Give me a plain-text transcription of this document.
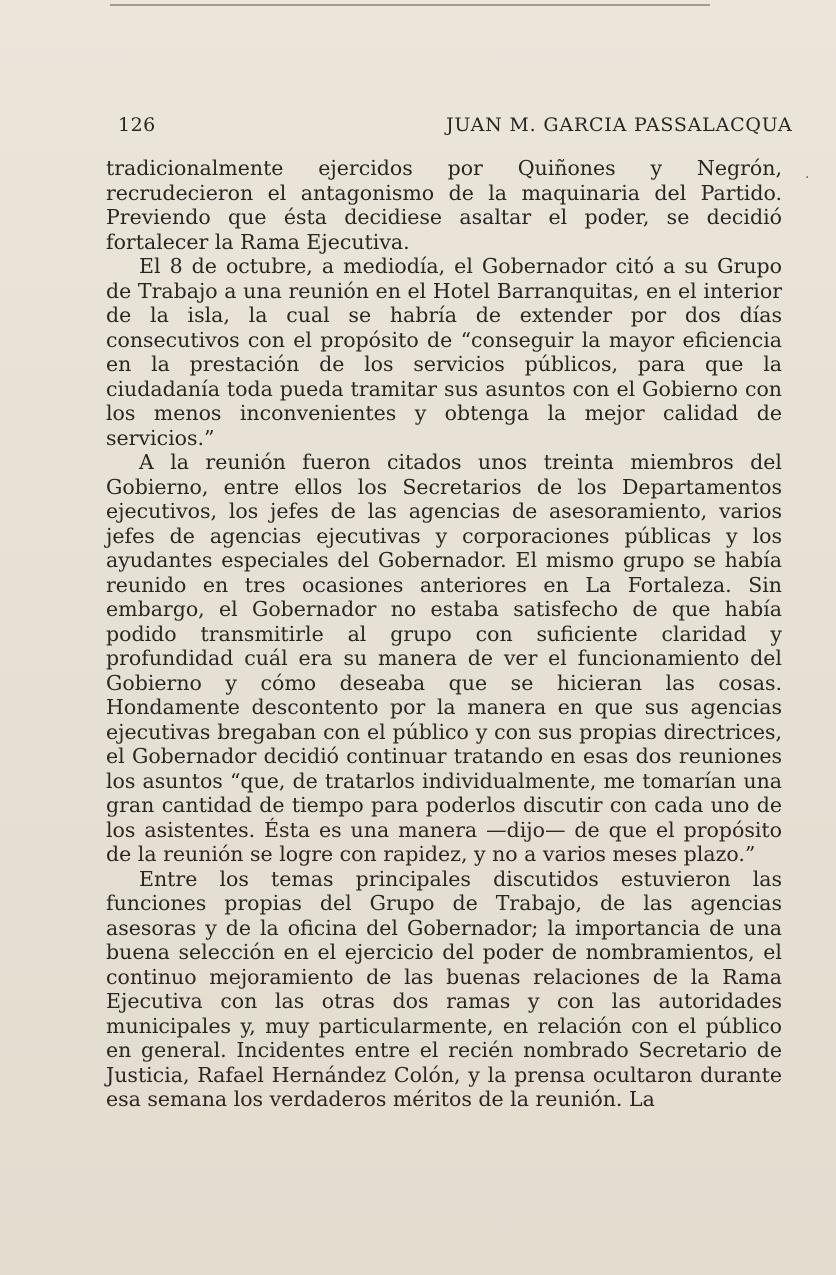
126	JUAN M. GARCIA PASSALACQUA
·

tradicionalmente ejercidos por Quiñones y Negrón, recrudecieron el antagonismo de la maquinaria del Partido. Previendo que ésta decidiese asaltar el poder, se decidió fortalecer la Rama Ejecutiva.

El 8 de octubre, a mediodía, el Gobernador citó a su Grupo de Trabajo a una reunión en el Hotel Barranquitas, en el interior de la isla, la cual se habría de extender por dos días consecutivos con el propósito de “conseguir la mayor eficiencia en la prestación de los servicios públicos, para que la ciudadanía toda pueda tramitar sus asuntos con el Gobierno con los menos inconvenientes y obtenga la mejor calidad de servicios.”

A la reunión fueron citados unos treinta miembros del Gobierno, entre ellos los Secretarios de los Departamentos ejecutivos, los jefes de las agencias de asesoramiento, varios jefes de agencias ejecutivas y corporaciones públicas y los ayudantes especiales del Gobernador. El mismo grupo se había reunido en tres ocasiones anteriores en La Fortaleza. Sin embargo, el Gobernador no estaba satisfecho de que había podido transmitirle al grupo con suficiente claridad y profundidad cuál era su manera de ver el funcionamiento del Gobierno y cómo deseaba que se hicieran las cosas. Hondamente descontento por la manera en que sus agencias ejecutivas bregaban con el público y con sus propias directrices, el Gobernador decidió continuar tratando en esas dos reuniones los asuntos “que, de tratarlos individualmente, me tomarían una gran cantidad de tiempo para poderlos discutir con cada uno de los asistentes. Ésta es una manera —dijo— de que el propósito de la reunión se logre con rapidez, y no a varios meses plazo.”

Entre los temas principales discutidos estuvieron las funciones propias del Grupo de Trabajo, de las agencias asesoras y de la oficina del Gobernador; la importancia de una buena selección en el ejercicio del poder de nombramientos, el continuo mejoramiento de las buenas relaciones de la Rama Ejecutiva con las otras dos ramas y con las autoridades municipales y, muy particularmente, en relación con el público en general. Incidentes entre el recién nombrado Secretario de Justicia, Rafael Hernández Colón, y la prensa ocultaron durante esa semana los verdaderos méritos de la reunión. La
